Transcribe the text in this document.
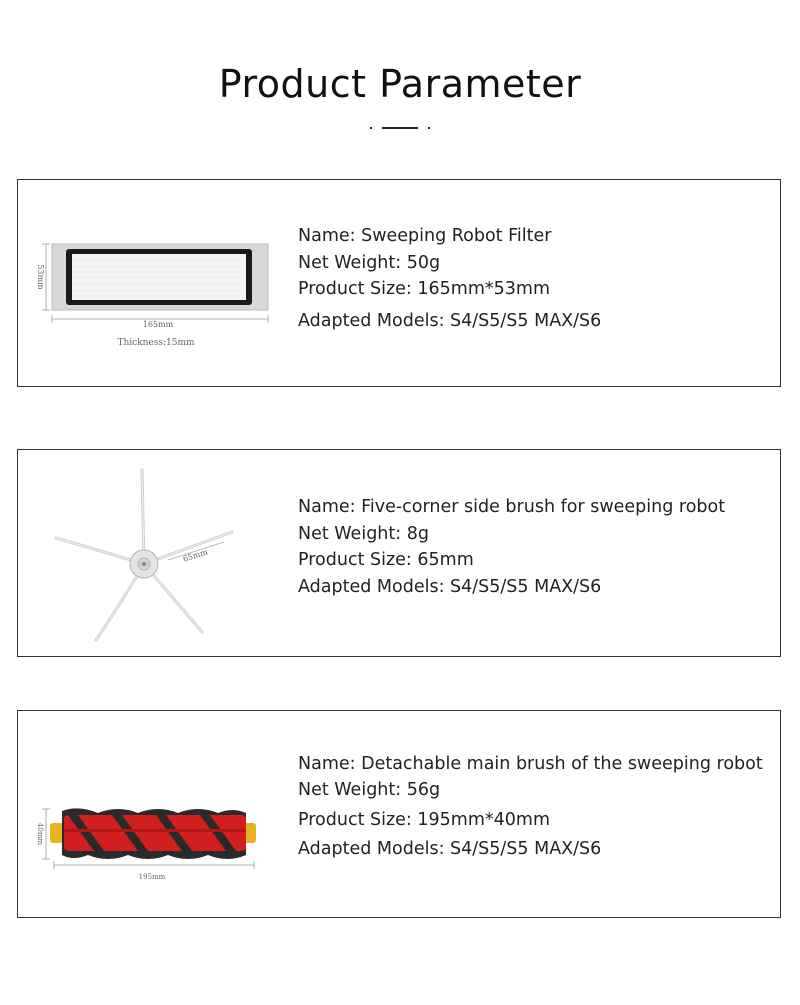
Product Parameter
53mm
165mm
Thickness:15mm
Name: Sweeping Robot Filter
Net Weight: 50g
Product Size: 165mm*53mm
Adapted Models: S4/S5/S5 MAX/S6
65mm
Name: Five-corner side brush for sweeping robot
Net Weight: 8g
Product Size: 65mm
Adapted Models: S4/S5/S5 MAX/S6
40mm
195mm
Name: Detachable main brush of the sweeping robot
Net Weight: 56g
Product Size: 195mm*40mm
Adapted Models: S4/S5/S5 MAX/S6
